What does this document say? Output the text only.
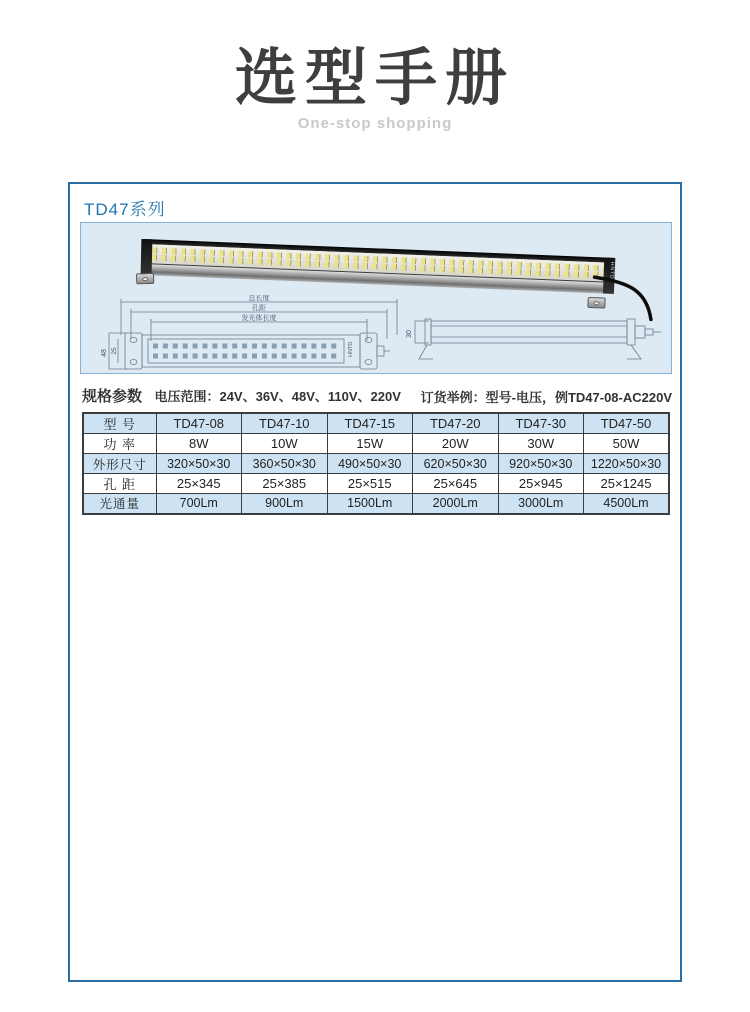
选型手册
One-stop shopping
TD47系列
HNTD
总长度
孔距
发光体长度
48 25	HNTD
30
规格参数 电压范围：24V、36V、48V、110V、220V 订货举例：型号-电压，例TD47-08-AC220V
型 号	TD47-08	TD47-10	TD47-15	TD47-20	TD47-30	TD47-50
功 率	8W	10W	15W	20W	30W	50W
外形尺寸	320×50×30	360×50×30	490×50×30	620×50×30	920×50×30	1220×50×30
孔 距	25×345	25×385	25×515	25×645	25×945	25×1245
光通量	700Lm	900Lm	1500Lm	2000Lm	3000Lm	4500Lm
